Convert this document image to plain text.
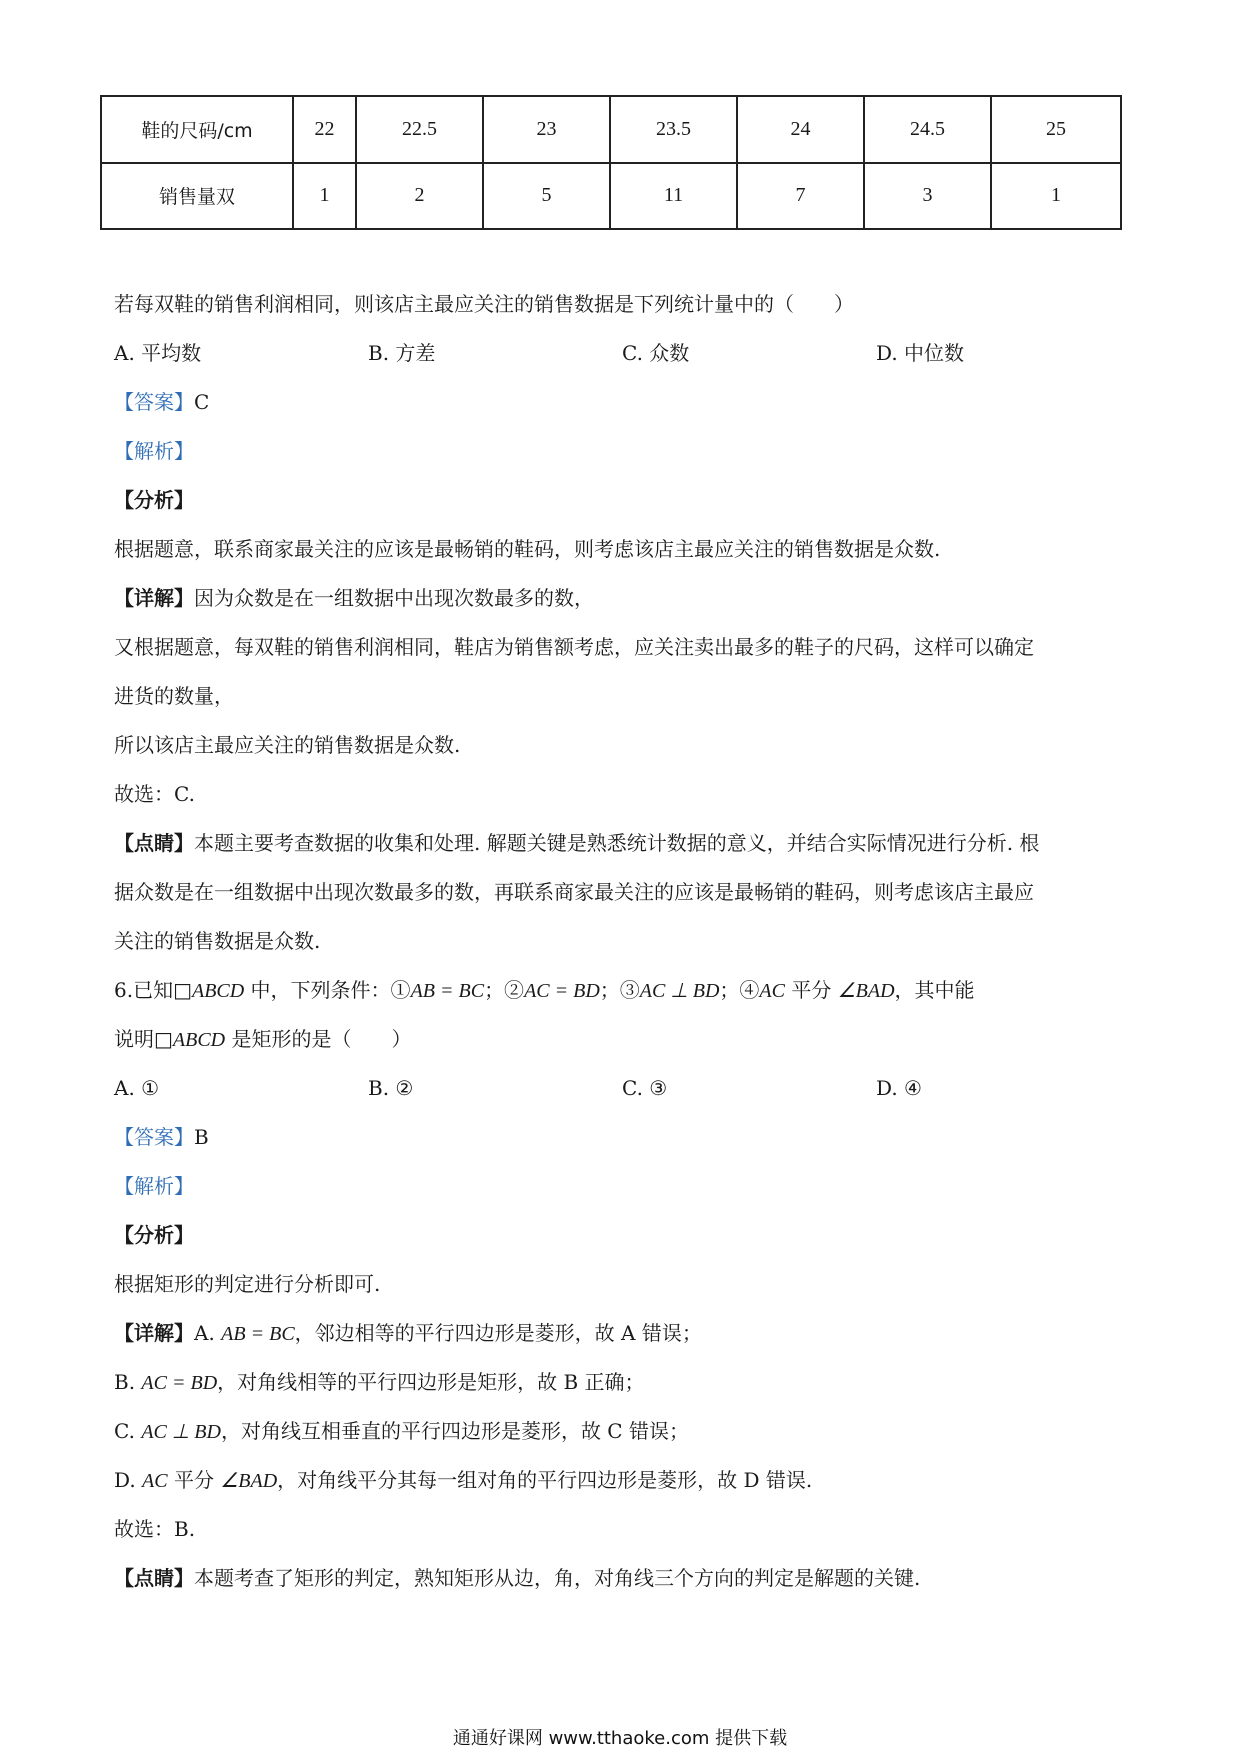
鞋的尺码/cm	22	22.5	23	23.5	24	24.5	25
销售量双	1	2	5	11	7	3	1
若每双鞋的销售利润相同，则该店主最应关注的销售数据是下列统计量中的（　　）
A. 平均数	B. 方差	C. 众数	D. 中位数
【答案】C
【解析】
【分析】
根据题意，联系商家最关注的应该是最畅销的鞋码，则考虑该店主最应关注的销售数据是众数.
【详解】因为众数是在一组数据中出现次数最多的数，
又根据题意，每双鞋的销售利润相同，鞋店为销售额考虑，应关注卖出最多的鞋子的尺码，这样可以确定
进货的数量，
所以该店主最应关注的销售数据是众数.
故选：C.
【点睛】本题主要考查数据的收集和处理. 解题关键是熟悉统计数据的意义，并结合实际情况进行分析. 根
据众数是在一组数据中出现次数最多的数，再联系商家最关注的应该是最畅销的鞋码，则考虑该店主最应
关注的销售数据是众数.
6.已知□ABCD 中，下列条件：①AB = BC；②AC = BD；③AC ⊥ BD；④AC 平分 ∠BAD，其中能
说明□ABCD 是矩形的是（　　）
A. ①	B. ②	C. ③	D. ④
【答案】B
【解析】
【分析】
根据矩形的判定进行分析即可.
【详解】A. AB = BC，邻边相等的平行四边形是菱形，故 A 错误；
B. AC = BD，对角线相等的平行四边形是矩形，故 B 正确；
C. AC ⊥ BD，对角线互相垂直的平行四边形是菱形，故 C 错误；
D. AC 平分 ∠BAD，对角线平分其每一组对角的平行四边形是菱形，故 D 错误.
故选：B.
【点睛】本题考查了矩形的判定，熟知矩形从边，角，对角线三个方向的判定是解题的关键.
通通好课网 www.tthaoke.com 提供下载
